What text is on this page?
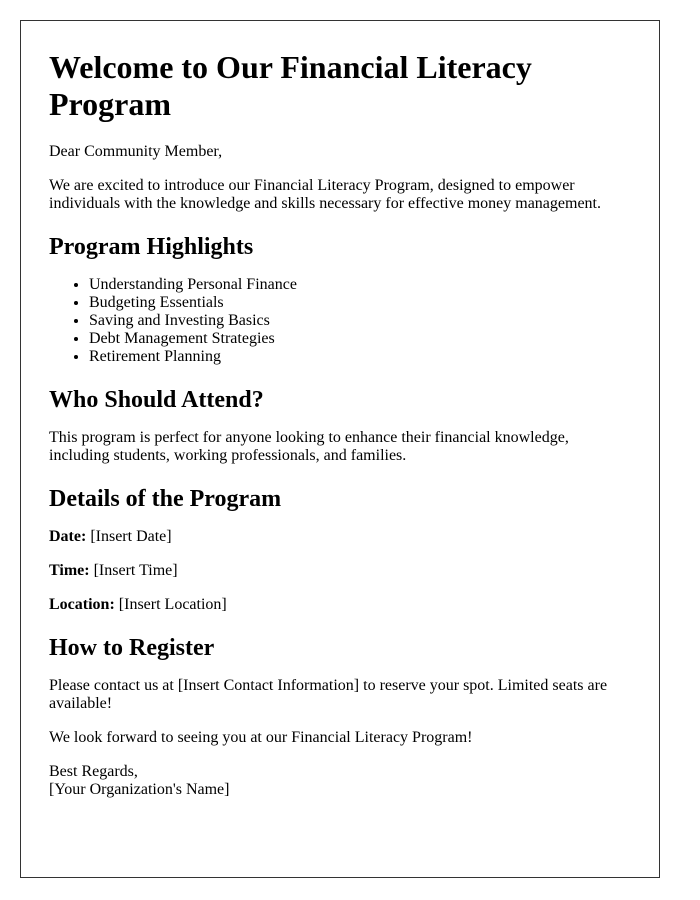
Welcome to Our Financial Literacy Program

Dear Community Member,

We are excited to introduce our Financial Literacy Program, designed to empower individuals with the knowledge and skills necessary for effective money management.

Program Highlights
• Understanding Personal Finance
• Budgeting Essentials
• Saving and Investing Basics
• Debt Management Strategies
• Retirement Planning
Who Should Attend?

This program is perfect for anyone looking to enhance their financial knowledge, including students, working professionals, and families.

Details of the Program

Date: [Insert Date]

Time: [Insert Time]

Location: [Insert Location]

How to Register

Please contact us at [Insert Contact Information] to reserve your spot. Limited seats are available!

We look forward to seeing you at our Financial Literacy Program!

Best Regards,

[Your Organization's Name]
